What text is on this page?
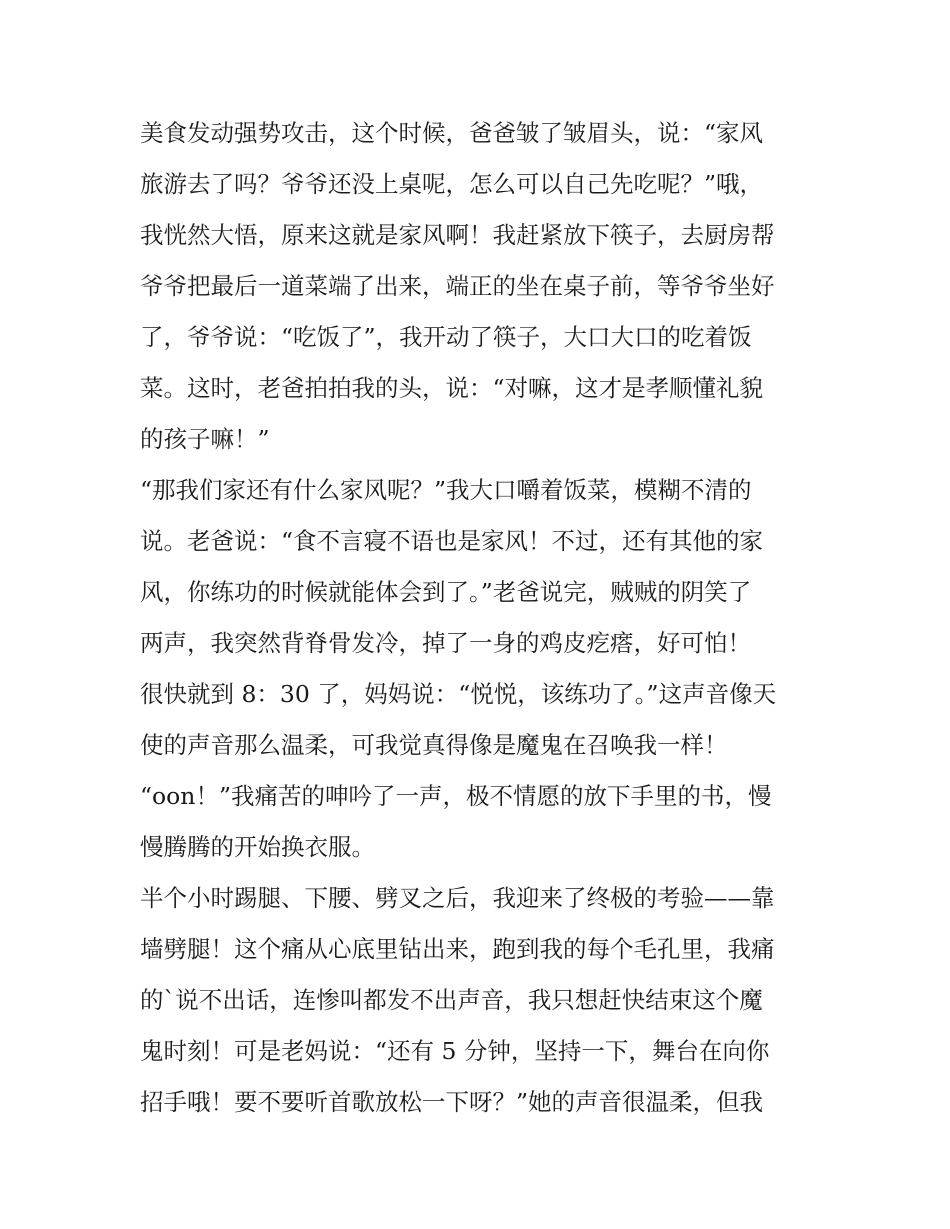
美食发动强势攻击，这个时候，爸爸皱了皱眉头，说：“家风
旅游去了吗？爷爷还没上桌呢，怎么可以自己先吃呢？”哦，
我恍然大悟，原来这就是家风啊！我赶紧放下筷子，去厨房帮
爷爷把最后一道菜端了出来，端正的坐在桌子前，等爷爷坐好
了，爷爷说：“吃饭了”，我开动了筷子，大口大口的吃着饭
菜。这时，老爸拍拍我的头，说：“对嘛，这才是孝顺懂礼貌
的孩子嘛！”
“那我们家还有什么家风呢？”我大口嚼着饭菜，模糊不清的
说。老爸说：“食不言寝不语也是家风！不过，还有其他的家
风，你练功的时候就能体会到了。”老爸说完，贼贼的阴笑了
两声，我突然背脊骨发冷，掉了一身的鸡皮疙瘩，好可怕！
很快就到 8：30 了，妈妈说：“悦悦，该练功了。”这声音像天
使的声音那么温柔，可我觉真得像是魔鬼在召唤我一样！
“oon！”我痛苦的呻吟了一声，极不情愿的放下手里的书，慢
慢腾腾的开始换衣服。
半个小时踢腿、下腰、劈叉之后，我迎来了终极的考验——靠
墙劈腿！这个痛从心底里钻出来，跑到我的每个毛孔里，我痛
的`说不出话，连惨叫都发不出声音，我只想赶快结束这个魔
鬼时刻！可是老妈说：“还有 5 分钟，坚持一下，舞台在向你
招手哦！要不要听首歌放松一下呀？”她的声音很温柔，但我
